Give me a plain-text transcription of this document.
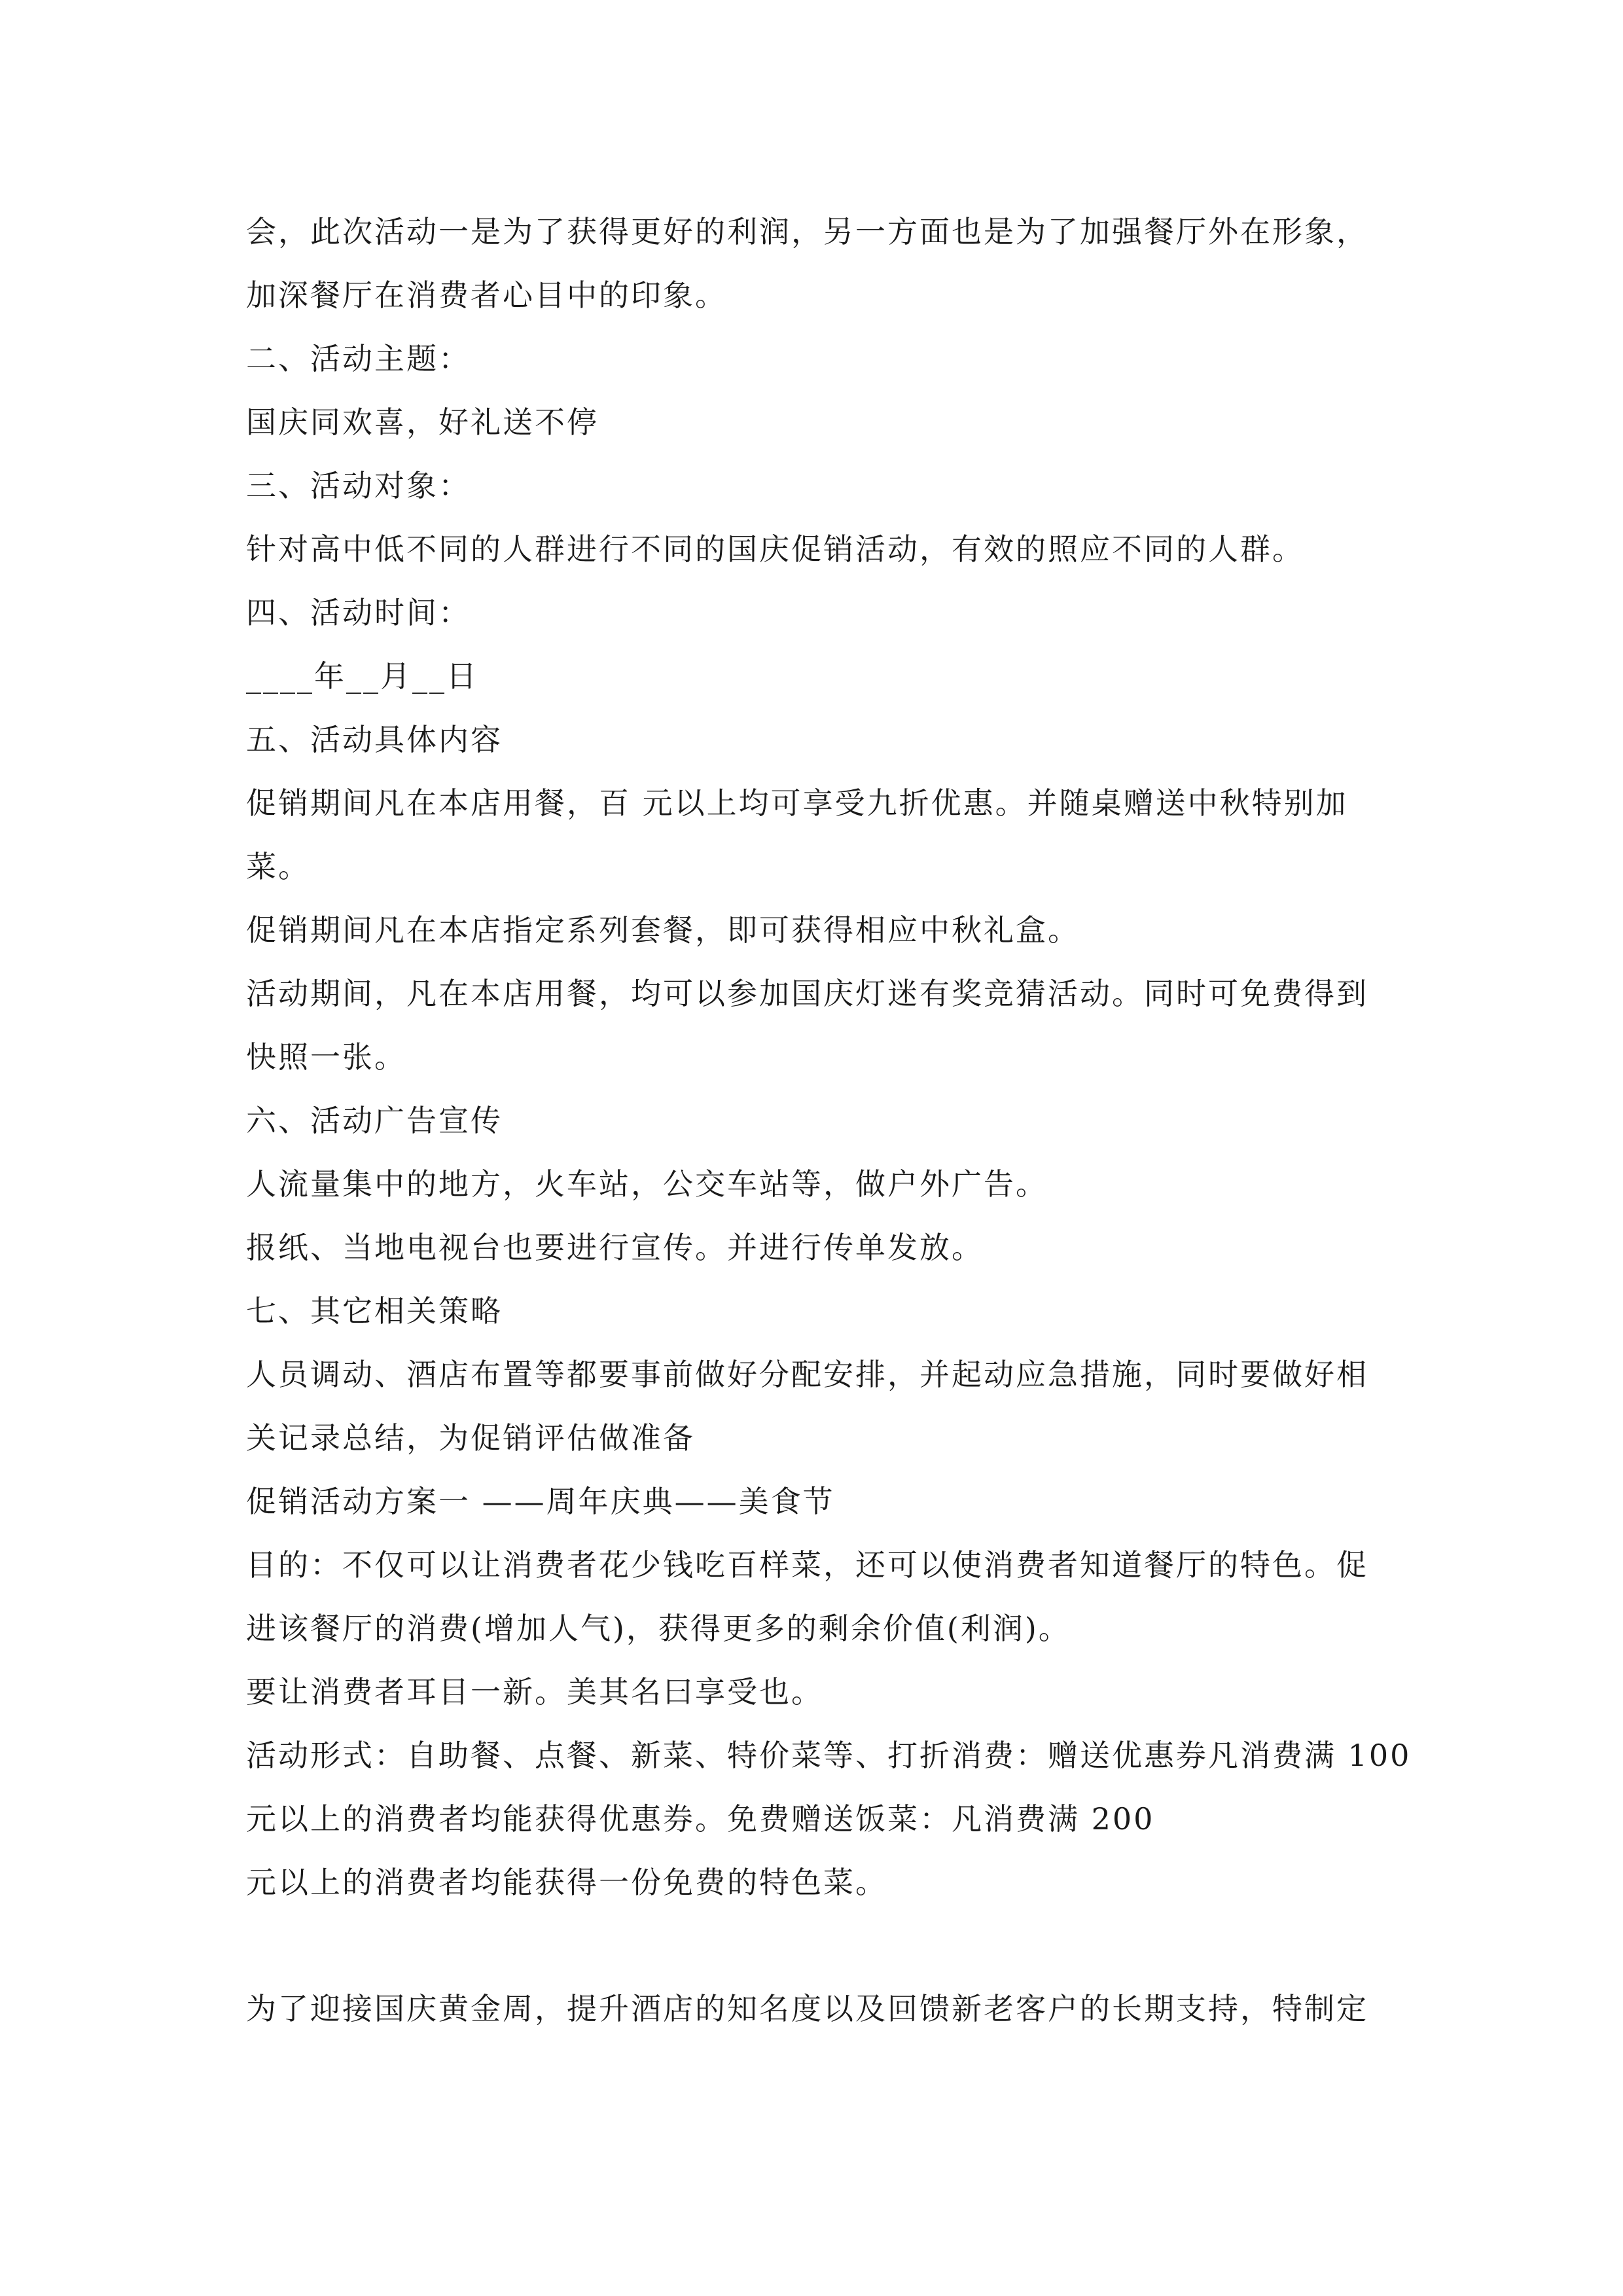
会，此次活动一是为了获得更好的利润，另一方面也是为了加强餐厅外在形象，
加深餐厅在消费者心目中的印象。
二、活动主题：
国庆同欢喜，好礼送不停
三、活动对象：
针对高中低不同的人群进行不同的国庆促销活动，有效的照应不同的人群。
四、活动时间：
____年__月__日
五、活动具体内容
促销期间凡在本店用餐，百 元以上均可享受九折优惠。并随桌赠送中秋特别加
菜。
促销期间凡在本店指定系列套餐，即可获得相应中秋礼盒。
活动期间，凡在本店用餐，均可以参加国庆灯迷有奖竞猜活动。同时可免费得到
快照一张。
六、活动广告宣传
人流量集中的地方，火车站，公交车站等，做户外广告。
报纸、当地电视台也要进行宣传。并进行传单发放。
七、其它相关策略
人员调动、酒店布置等都要事前做好分配安排，并起动应急措施，同时要做好相
关记录总结，为促销评估做准备
促销活动方案一 ——周年庆典——美食节
目的：不仅可以让消费者花少钱吃百样菜，还可以使消费者知道餐厅的特色。促
进该餐厅的消费(增加人气)，获得更多的剩余价值(利润)。
要让消费者耳目一新。美其名曰享受也。
活动形式：自助餐、点餐、新菜、特价菜等、打折消费：赠送优惠券凡消费满 100
元以上的消费者均能获得优惠券。免费赠送饭菜：凡消费满 200
元以上的消费者均能获得一份免费的特色菜。
为了迎接国庆黄金周，提升酒店的知名度以及回馈新老客户的长期支持，特制定
